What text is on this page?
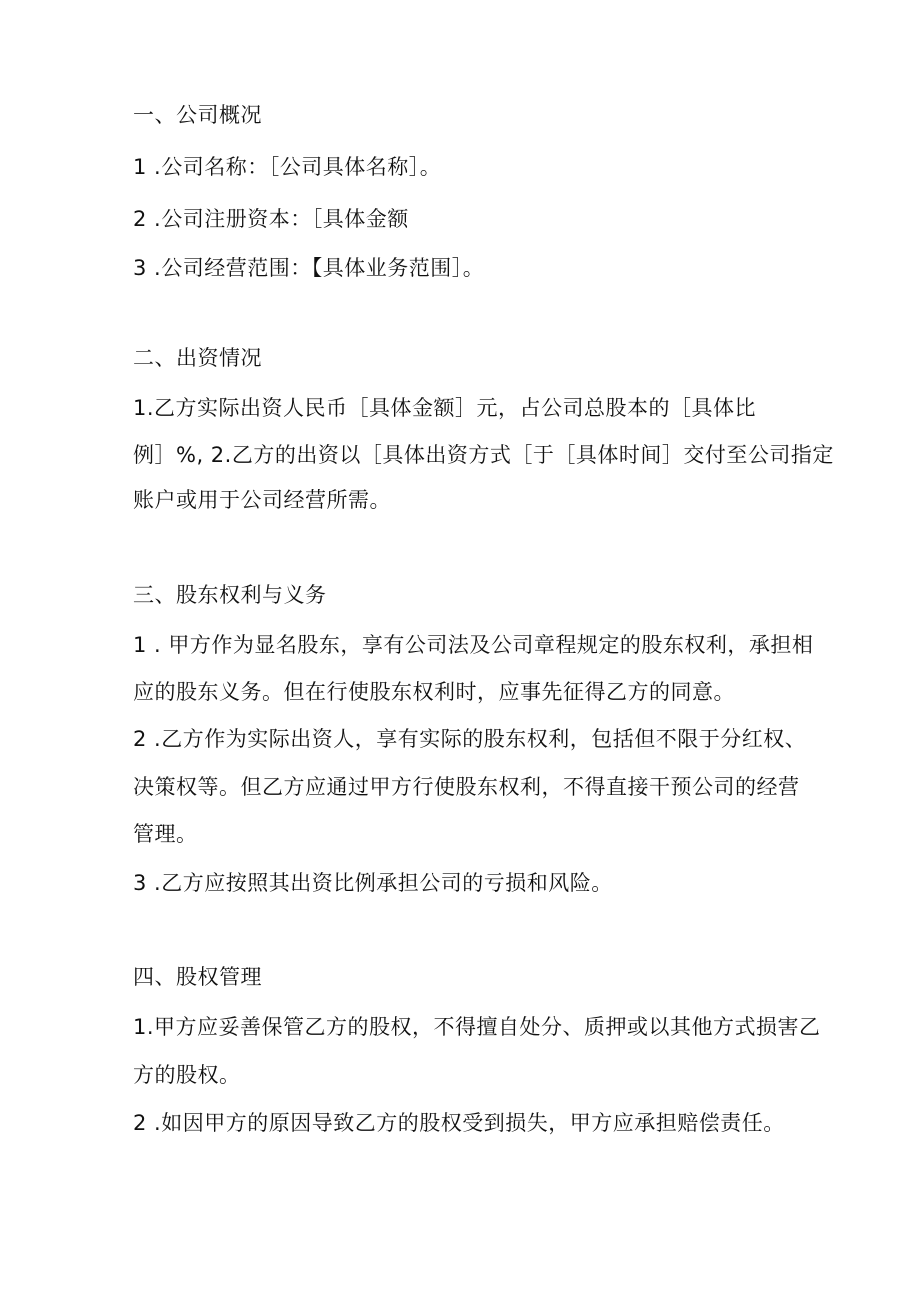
一、公司概况
1 .公司名称：［公司具体名称］。
2 .公司注册资本：［具体金额
3 .公司经营范围：【具体业务范围］。
二、出资情况
1.乙方实际出资人民币［具体金额］元，占公司总股本的［具体比
例］%, 2.乙方的出资以［具体出资方式［于［具体时间］交付至公司指定
账户或用于公司经营所需。
三、股东权利与义务
1 . 甲方作为显名股东，享有公司法及公司章程规定的股东权利，承担相
应的股东义务。但在行使股东权利时，应事先征得乙方的同意。
2 .乙方作为实际出资人，享有实际的股东权利，包括但不限于分红权、
决策权等。但乙方应通过甲方行使股东权利，不得直接干预公司的经营
管理。
3 .乙方应按照其出资比例承担公司的亏损和风险。
四、股权管理
1.甲方应妥善保管乙方的股权，不得擅自处分、质押或以其他方式损害乙
方的股权。
2 .如因甲方的原因导致乙方的股权受到损失，甲方应承担赔偿责任。
